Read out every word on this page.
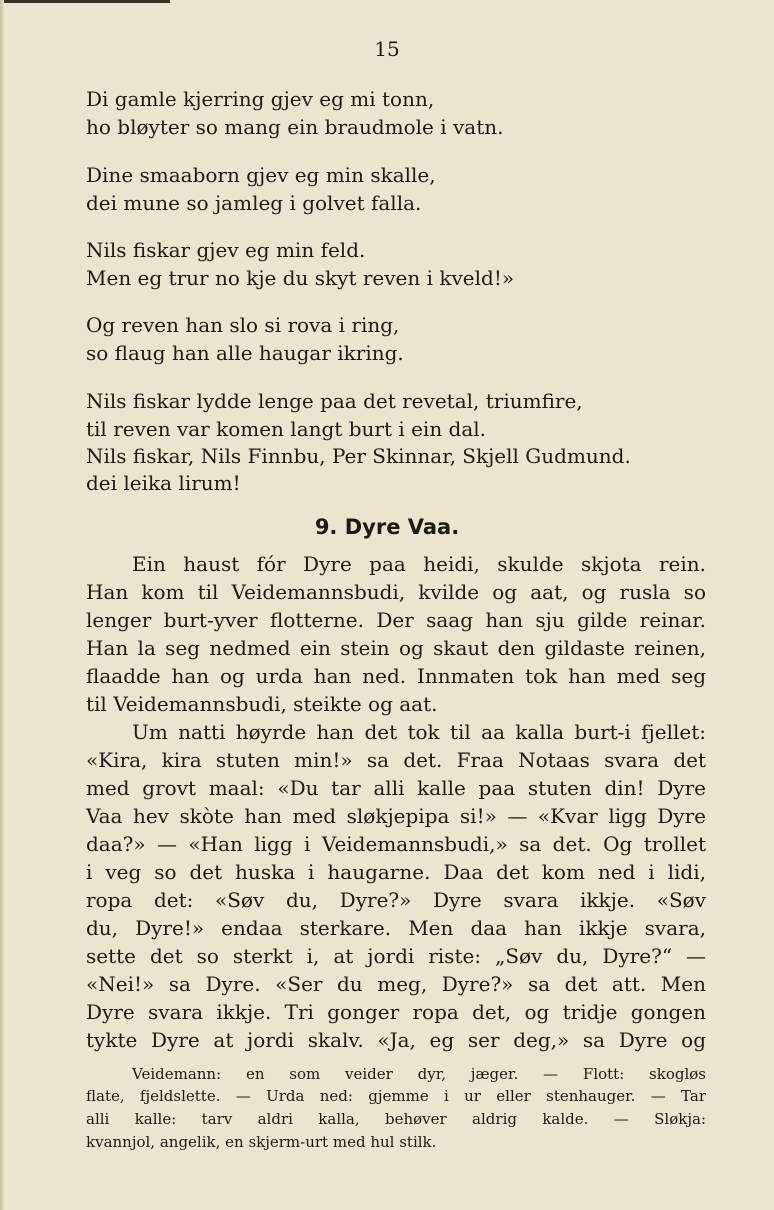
15
Di gamle kjerring gjev eg mi tonn,
ho bløyter so mang ein braudmole i vatn.
Dine smaaborn gjev eg min skalle,
dei mune so jamleg i golvet falla.
Nils fiskar gjev eg min feld.
Men eg trur no kje du skyt reven i kveld!»
Og reven han slo si rova i ring,
so flaug han alle haugar ikring.
Nils fiskar lydde lenge paa det revetal, triumfire,
til reven var komen langt burt i ein dal.
Nils fiskar, Nils Finnbu, Per Skinnar, Skjell Gudmund.
dei leika lirum!
9. Dyre Vaa.
Ein haust fór Dyre paa heidi, skulde skjota rein.
Han kom til Veidemannsbudi, kvilde og aat, og rusla so
lenger burt-yver flotterne. Der saag han sju gilde reinar.
Han la seg nedmed ein stein og skaut den gildaste reinen,
flaadde han og urda han ned. Innmaten tok han med seg
til Veidemannsbudi, steikte og aat.
Um natti høyrde han det tok til aa kalla burt-i fjellet:
«Kira, kira stuten min!» sa det. Fraa Notaas svara det
med grovt maal: «Du tar alli kalle paa stuten din! Dyre
Vaa hev skòte han med sløkjepipa si!» — «Kvar ligg Dyre
daa?» — «Han ligg i Veidemannsbudi,» sa det. Og trollet
i veg so det huska i haugarne. Daa det kom ned i lidi,
ropa det: «Søv du, Dyre?» Dyre svara ikkje. «Søv
du, Dyre!» endaa sterkare. Men daa han ikkje svara,
sette det so sterkt i, at jordi riste: „Søv du, Dyre?“ —
«Nei!» sa Dyre. «Ser du meg, Dyre?» sa det att. Men
Dyre svara ikkje. Tri gonger ropa det, og tridje gongen
tykte Dyre at jordi skalv. «Ja, eg ser deg,» sa Dyre og
Veidemann: en som veider dyr, jæger. — Flott: skogløs
flate, fjeldslette. — Urda ned: gjemme i ur eller stenhauger. — Tar
alli kalle: tarv aldri kalla, behøver aldrig kalde. — Sløkja:
kvannjol, angelik, en skjerm-urt med hul stilk.
